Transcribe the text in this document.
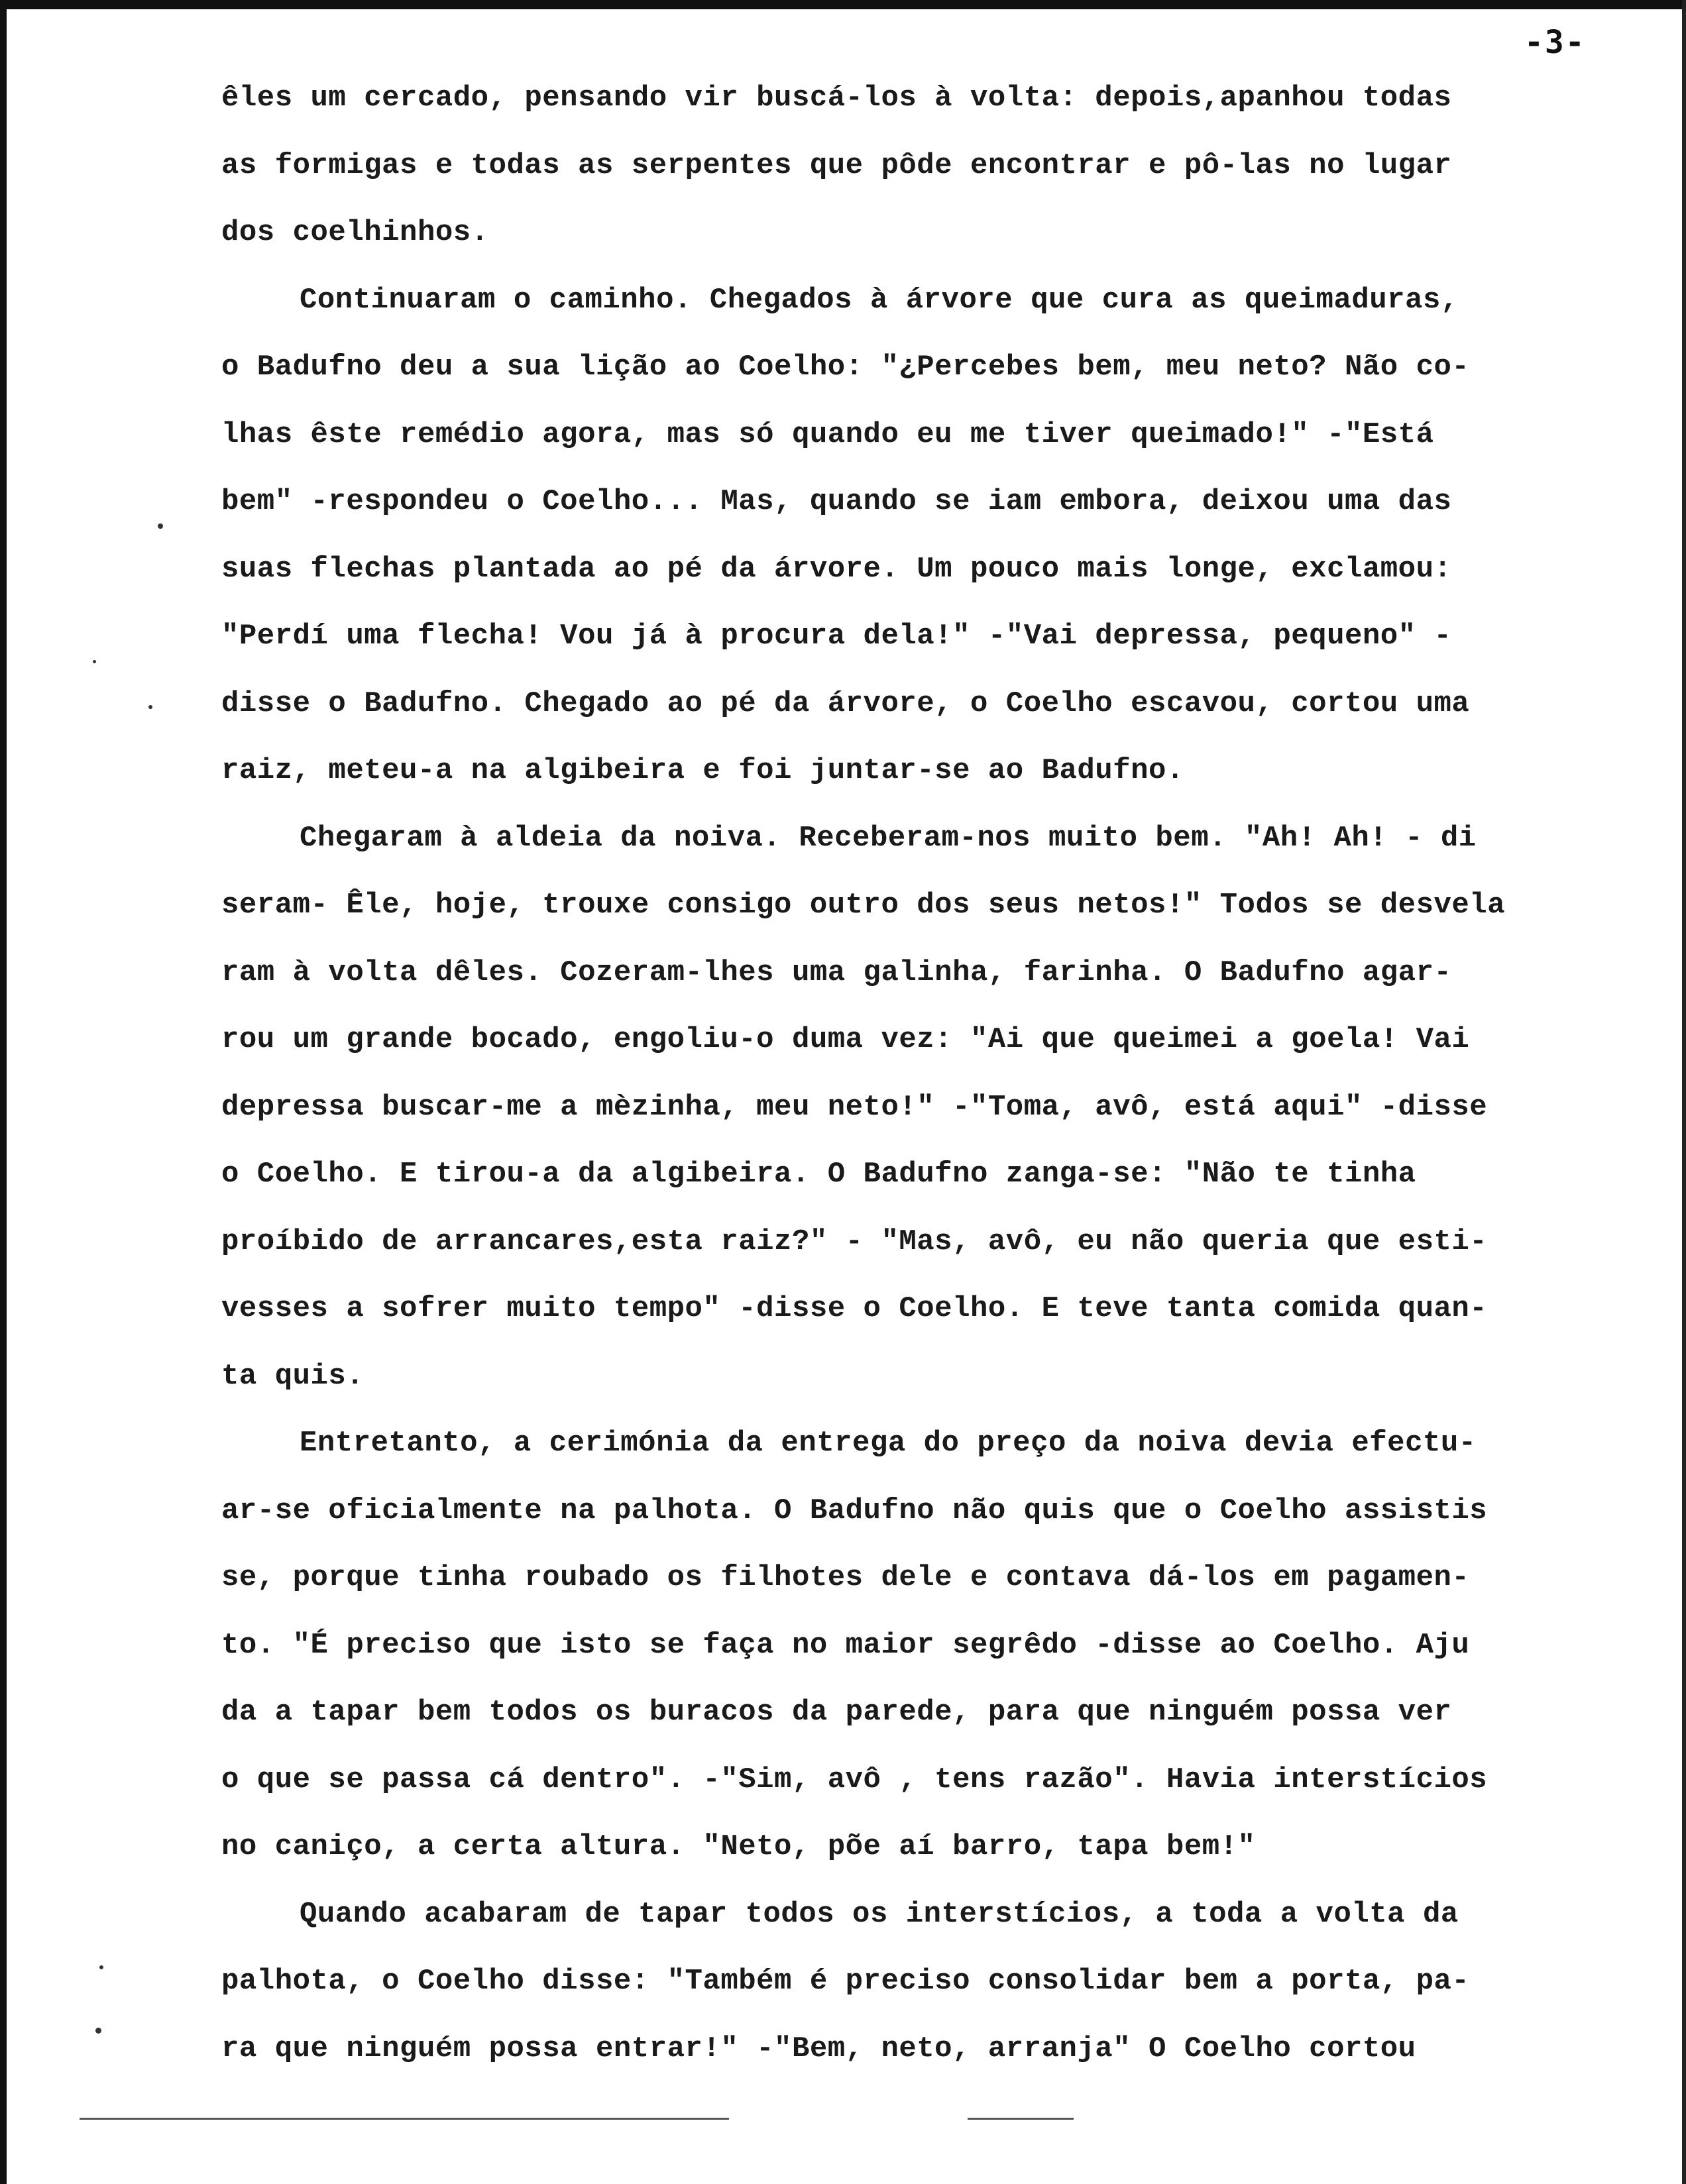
-3-
êles um cercado, pensando vir buscá-los à volta: depois,apanhou todas
as formigas e todas as serpentes que pôde encontrar e pô-las no lugar
dos coelhinhos.
Continuaram o caminho. Chegados à árvore que cura as queimaduras,
o Badufno deu a sua lição ao Coelho: "¿Percebes bem, meu neto? Não co-
lhas êste remédio agora, mas só quando eu me tiver queimado!" -"Está
bem" -respondeu o Coelho... Mas, quando se iam embora, deixou uma das
suas flechas plantada ao pé da árvore. Um pouco mais longe, exclamou:
"Perdí uma flecha! Vou já à procura dela!" -"Vai depressa, pequeno" -
disse o Badufno. Chegado ao pé da árvore, o Coelho escavou, cortou uma
raiz, meteu-a na algibeira e foi juntar-se ao Badufno.
Chegaram à aldeia da noiva. Receberam-nos muito bem. "Ah! Ah! - di
seram- Êle, hoje, trouxe consigo outro dos seus netos!" Todos se desvela
ram à volta dêles. Cozeram-lhes uma galinha, farinha. O Badufno agar-
rou um grande bocado, engoliu-o duma vez: "Ai que queimei a goela! Vai
depressa buscar-me a mèzinha, meu neto!" -"Toma, avô, está aqui" -disse
o Coelho. E tirou-a da algibeira. O Badufno zanga-se: "Não te tinha
proíbido de arrancares,esta raiz?" - "Mas, avô, eu não queria que esti-
vesses a sofrer muito tempo" -disse o Coelho. E teve tanta comida quan-
ta quis.
Entretanto, a cerimónia da entrega do preço da noiva devia efectu-
ar-se oficialmente na palhota. O Badufno não quis que o Coelho assistis
se, porque tinha roubado os filhotes dele e contava dá-los em pagamen-
to. "É preciso que isto se faça no maior segrêdo -disse ao Coelho. Aju
da a tapar bem todos os buracos da parede, para que ninguém possa ver
o que se passa cá dentro". -"Sim, avô , tens razão". Havia interstícios
no caniço, a certa altura. "Neto, põe aí barro, tapa bem!"
Quando acabaram de tapar todos os interstícios, a toda a volta da
palhota, o Coelho disse: "Também é preciso consolidar bem a porta, pa-
ra que ninguém possa entrar!" -"Bem, neto, arranja" O Coelho cortou
